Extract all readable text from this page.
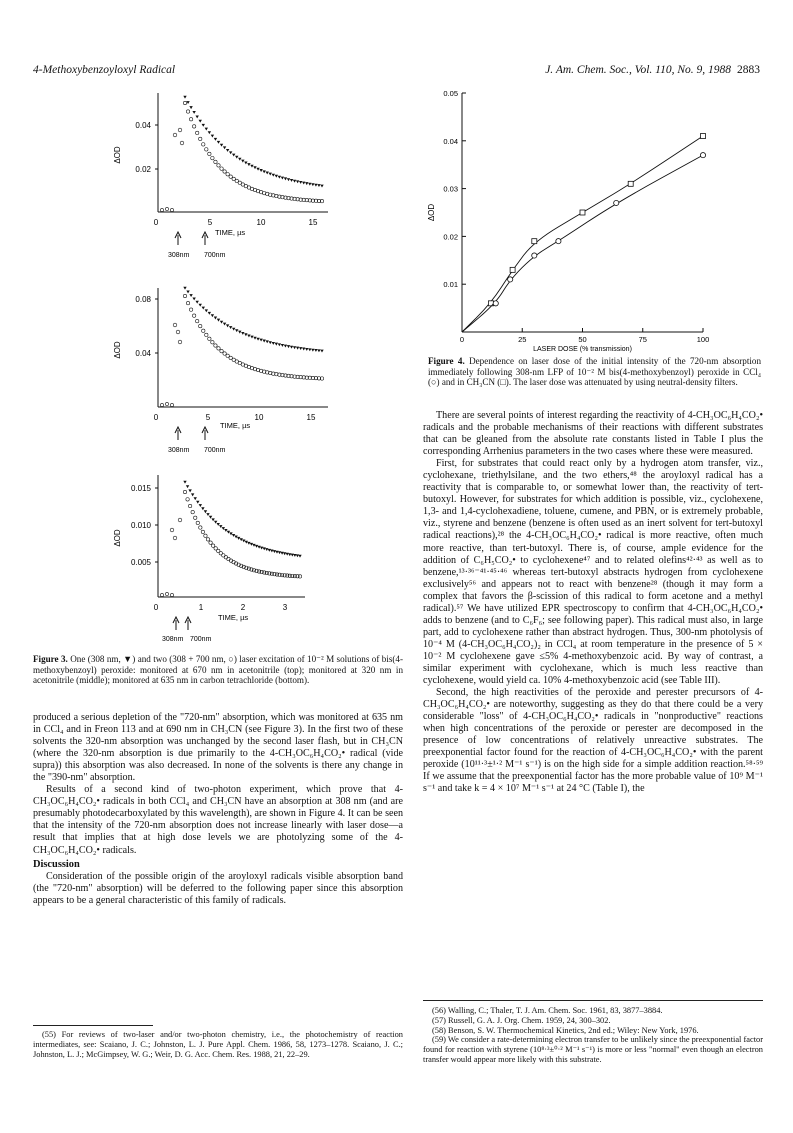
4-Methoxybenzoyloxyl Radical	J. Am. Chem. Soc., Vol. 110, No. 9, 1988 2883
0.04
0.02
ΔOD
0	5	10	15
TIME, µs
308nm 700nm
0.08
0.04
ΔOD
0	5	10	15
TIME, µs
308nm 700nm
0.015
0.010
0.005
ΔOD
0	1	2	3
TIME, µs
308nm 700nm
Figure 3. One (308 nm, ▼) and two (308 + 700 nm, ○) laser excitation of 10⁻² M solutions of bis(4-methoxybenzoyl) peroxide: monitored at 670 nm in acetonitrile (top); monitored at 320 nm in acetonitrile (middle); monitored at 635 nm in carbon tetrachloride (bottom).
0.01
0.02
0.03
0.04
0.05
0	25	50	75	100
LASER DOSE (% transmission)
ΔOD
Figure 4. Dependence on laser dose of the initial intensity of the 720-nm absorption immediately following 308-nm LFP of 10⁻² M bis(4-methoxybenzoyl) peroxide in CCl₄ (○) and in CH₃CN (□). The laser dose was attenuated by using neutral-density filters.

produced a serious depletion of the "720-nm" absorption, which was monitored at 635 nm in CCl₄ and in Freon 113 and at 690 nm in CH₃CN (see Figure 3). In the first two of these solvents the 320-nm absorption was unchanged by the second laser flash, but in CH₃CN (where the 320-nm absorption is due primarily to the 4-CH₃OC₆H₄CO₂• radical (vide supra)) this absorption was also decreased. In none of the solvents is there any change in the "390-nm" absorption.

Results of a second kind of two-photon experiment, which prove that 4-CH₃OC₆H₄CO₂• radicals in both CCl₄ and CH₃CN have an absorption at 308 nm (and are presumably photodecarboxylated by this wavelength), are shown in Figure 4. It can be seen that the intensity of the 720-nm absorption does not increase linearly with laser dose—a result that implies that at high dose levels we are photolyzing some of the 4-CH₃OC₆H₄CO₂• radicals.

Discussion

Consideration of the possible origin of the aroyloxyl radicals visible absorption band (the "720-nm" absorption) will be deferred to the following paper since this absorption appears to be a general characteristic of this family of radicals.

(55) For reviews of two-laser and/or two-photon chemistry, i.e., the photochemistry of reaction intermediates, see: Scaiano, J. C.; Johnston, L. J. Pure Appl. Chem. 1986, 58, 1273–1278. Scaiano, J. C.; Johnston, L. J.; McGimpsey, W. G.; Weir, D. G. Acc. Chem. Res. 1988, 21, 22–29.

There are several points of interest regarding the reactivity of 4-CH₃OC₆H₄CO₂• radicals and the probable mechanisms of their reactions with different substrates that can be gleaned from the absolute rate constants listed in Table I plus the corresponding Arrhenius parameters in the two cases where these were measured.

First, for substrates that could react only by a hydrogen atom transfer, viz., cyclohexane, triethylsilane, and the two ethers,⁴⁸ the aroyloxyl radical has a reactivity that is comparable to, or somewhat lower than, the reactivity of tert-butoxyl. However, for substrates for which addition is possible, viz., cyclohexene, 1,3- and 1,4-cyclohexadiene, toluene, cumene, and PBN, or is extremely probable, viz., styrene and benzene (benzene is often used as an inert solvent for tert-butoxyl radical reactions),²⁸ the 4-CH₃OC₆H₄CO₂• radical is more reactive, often much more reactive, than tert-butoxyl. There is, of course, ample evidence for the addition of C₆H₅CO₂• to cyclohexene⁴⁷ and to related olefins⁴²·⁴³ as well as to benzene,¹³·³⁶⁻⁴¹·⁴⁵·⁴⁶ whereas tert-butoxyl abstracts hydrogen from cyclohexene exclusively⁵⁶ and appears not to react with benzene²⁸ (though it may form a complex that favors the β-scission of this radical to form acetone and a methyl radical).⁵⁷ We have utilized EPR spectroscopy to confirm that 4-CH₃OC₆H₄CO₂• adds to benzene (and to C₆F₆; see following paper). This radical must also, in large part, add to cyclohexene rather than abstract hydrogen. Thus, 300-nm photolysis of 10⁻⁴ M (4-CH₃OC₆H₄CO₂)₂ in CCl₄ at room temperature in the presence of 5 × 10⁻² M cyclohexene gave ≤5% 4-methoxybenzoic acid. By way of contrast, a similar experiment with cyclohexane, which is much less reactive than cyclohexene, would yield ca. 10% 4-methoxybenzoic acid (see Table III).

Second, the high reactivities of the peroxide and perester precursors of 4-CH₃OC₆H₄CO₂• are noteworthy, suggesting as they do that there could be a very considerable "loss" of 4-CH₃OC₆H₄CO₂• radicals in "nonproductive" reactions when high concentrations of the peroxide or perester are decomposed in the presence of low concentrations of relatively unreactive substrates. The preexponential factor found for the reaction of 4-CH₃OC₆H₄CO₂• with the parent peroxide (10¹¹·³±¹·² M⁻¹ s⁻¹) is on the high side for a simple addition reaction.⁵⁸·⁵⁹ If we assume that the preexponential factor has the more probable value of 10⁹ M⁻¹ s⁻¹ and take k = 4 × 10⁷ M⁻¹ s⁻¹ at 24 °C (Table I), the

(56) Walling, C.; Thaler, T. J. Am. Chem. Soc. 1961, 83, 3877–3884.

(57) Russell, G. A. J. Org. Chem. 1959, 24, 300–302.

(58) Benson, S. W. Thermochemical Kinetics, 2nd ed.; Wiley: New York, 1976.

(59) We consider a rate-determining electron transfer to be unlikely since the preexponential factor found for reaction with styrene (10⁸·³±⁰·² M⁻¹ s⁻¹) is more or less "normal" even though an electron transfer would appear more likely with this substrate.
